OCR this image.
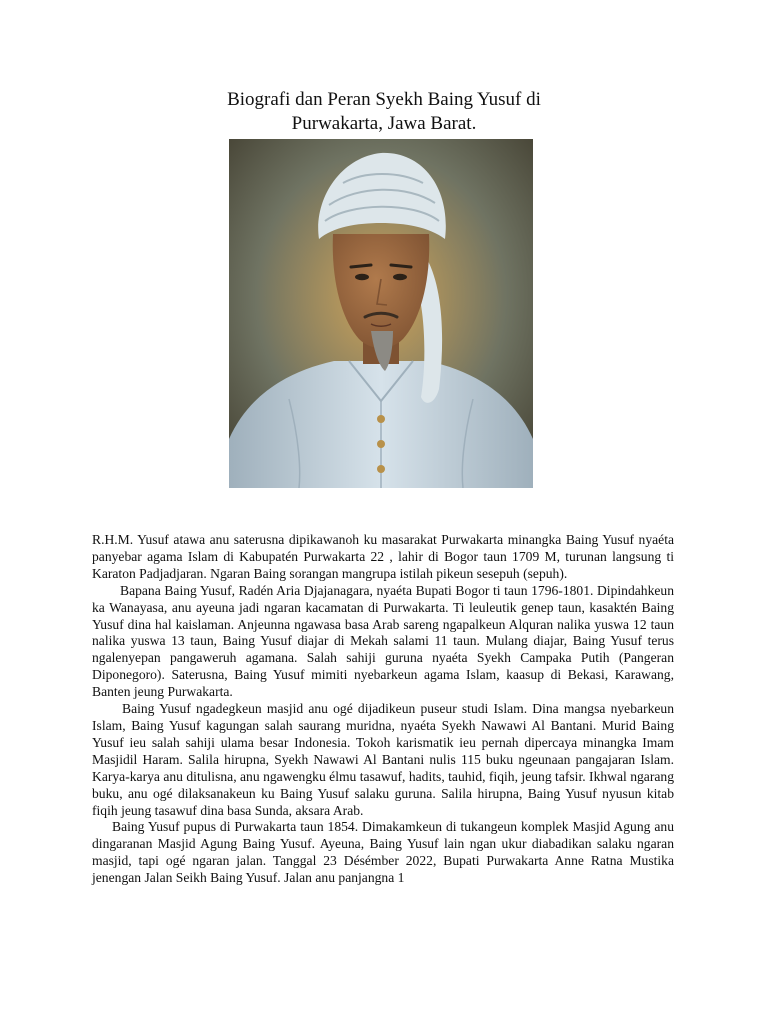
Biografi dan Peran Syekh Baing Yusuf di
Purwakarta, Jawa Barat.

R.H.M. Yusuf atawa anu saterusna dipikawanoh ku masarakat Purwakarta minangka Baing Yusuf nyaéta panyebar agama Islam di Kabupatén Purwakarta 22 , lahir di Bogor taun 1709 M, turunan langsung ti Karaton Padjadjaran. Ngaran Baing sorangan mangrupa istilah pikeun sesepuh (sepuh).

Bapana Baing Yusuf, Radén Aria Djajanagara, nyaéta Bupati Bogor ti taun 1796-1801. Dipindahkeun ka Wanayasa, anu ayeuna jadi ngaran kacamatan di Purwakarta. Ti leuleutik genep taun, kasaktén Baing Yusuf dina hal kaislaman. Anjeunna ngawasa basa Arab sareng ngapalkeun Alquran nalika yuswa 12 taun nalika yuswa 13 taun, Baing Yusuf diajar di Mekah salami 11 taun. Mulang diajar, Baing Yusuf terus ngalenyepan pangaweruh agamana. Salah sahiji guruna nyaéta Syekh Campaka Putih (Pangeran Diponegoro). Saterusna, Baing Yusuf mimiti nyebarkeun agama Islam, kaasup di Bekasi, Karawang, Banten jeung Purwakarta.

Baing Yusuf ngadegkeun masjid anu ogé dijadikeun puseur studi Islam. Dina mangsa nyebarkeun Islam, Baing Yusuf kagungan salah saurang muridna, nyaéta Syekh Nawawi Al Bantani. Murid Baing Yusuf ieu salah sahiji ulama besar Indonesia. Tokoh karismatik ieu pernah dipercaya minangka Imam Masjidil Haram. Salila hirupna, Syekh Nawawi Al Bantani nulis 115 buku ngeunaan pangajaran Islam. Karya-karya anu ditulisna, anu ngawengku élmu tasawuf, hadits, tauhid, fiqih, jeung tafsir. Ikhwal ngarang buku, anu ogé dilaksanakeun ku Baing Yusuf salaku guruna. Salila hirupna, Baing Yusuf nyusun kitab fiqih jeung tasawuf dina basa Sunda, aksara Arab.

Baing Yusuf pupus di Purwakarta taun 1854. Dimakamkeun di tukangeun komplek Masjid Agung anu dingaranan Masjid Agung Baing Yusuf. Ayeuna, Baing Yusuf lain ngan ukur diabadikan salaku ngaran masjid, tapi ogé ngaran jalan. Tanggal 23 Désémber 2022, Bupati Purwakarta Anne Ratna Mustika jenengan Jalan Seikh Baing Yusuf. Jalan anu panjangna 1
